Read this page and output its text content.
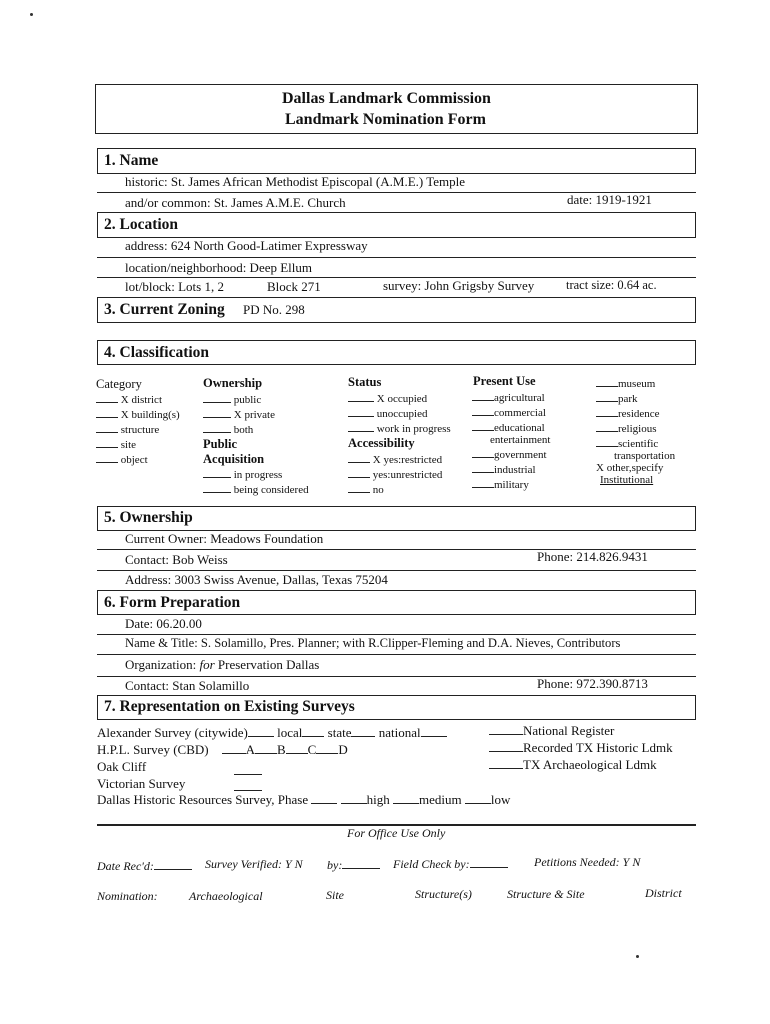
Dallas Landmark Commission
Landmark Nomination Form
1. Name
historic: St. James African Methodist Episcopal (A.M.E.) Temple
and/or common: St. James A.M.E. Church	date: 1919-1921
2. Location
address: 624 North Good-Latimer Expressway
location/neighborhood: Deep Ellum
lot/block: Lots 1, 2	Block 271	survey: John Grigsby Survey	tract size: 0.64 ac.
3. Current Zoning PD No. 298
4. Classification
Category
X district
X building(s)
structure
site
object
Ownership
public
X private
both
Public
Acquisition
in progress
being considered
Status
X occupied
unoccupied
work in progress
Accessibility
X yes:restricted
yes:unrestricted
no
Present Use
agricultural
commercial
educational
entertainment
government
industrial
military
museum
park
residence
religious
scientific
transportation
X other,specify
Institutional
5. Ownership
Current Owner: Meadows Foundation
Contact: Bob Weiss	Phone: 214.826.9431
Address: 3003 Swiss Avenue, Dallas, Texas 75204
6. Form Preparation
Date: 06.20.00
Name & Title: S. Solamillo, Pres. Planner; with R.Clipper-Fleming and D.A. Nieves, Contributors
Organization: for Preservation Dallas
Contact: Stan Solamillo	Phone: 972.390.8713
7. Representation on Existing Surveys
Alexander Survey (citywide) local state national
H.P.L. Survey (CBD)	A B C D
Oak Cliff
Victorian Survey
Dallas Historic Resources Survey, Phase	high medium low
National Register
Recorded TX Historic Ldmk
TX Archaeological Ldmk
For Office Use Only
Date Rec'd:	Survey Verified: Y N by:	Field Check by:	Petitions Needed: Y N
Nomination:	Archaeological	Site	Structure(s)	Structure & Site	District
